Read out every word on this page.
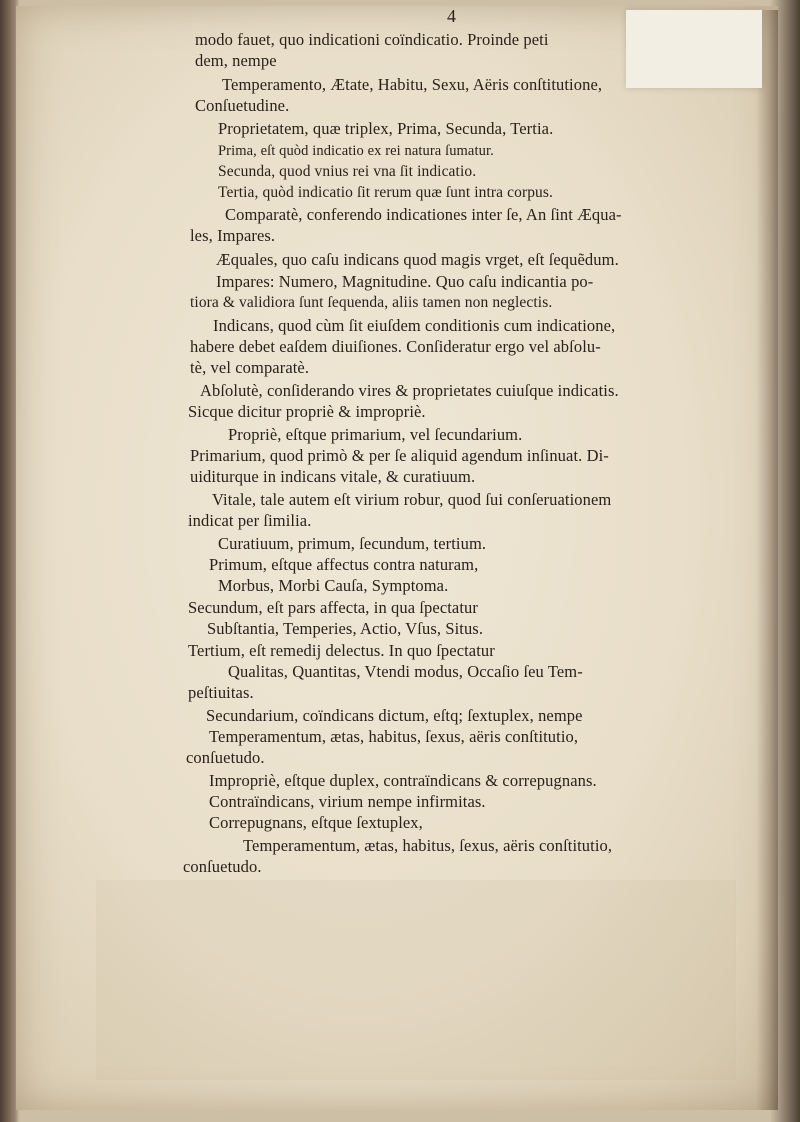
4
modo fauet, quo indicationi coïndicatio. Proinde peti
dem, nempe
Temperamento, Ætate, Habitu, Sexu, Aëris conſtitutione,
Conſuetudine.
Proprietatem, quæ triplex, Prima, Secunda, Tertia.
Prima, eſt quòd indicatio ex rei natura ſumatur.
Secunda, quod vnius rei vna ſit indicatio.
Tertia, quòd indicatio ſit rerum quæ ſunt intra corpus.
Comparatè, conferendo indicationes inter ſe, An ſint Æqua-
les, Impares.
Æquales, quo caſu indicans quod magis vrget, eſt ſequẽdum.
Impares: Numero, Magnitudine. Quo caſu indicantia po-
tiora & validiora ſunt ſequenda, aliis tamen non neglectis.
Indicans, quod cùm ſit eiuſdem conditionis cum indicatione,
habere debet eaſdem diuiſiones. Conſideratur ergo vel abſolu-
tè, vel comparatè.
Abſolutè, conſiderando vires & proprietates cuiuſque indicatis.
Sicque dicitur propriè & impropriè.
Propriè, eſtque primarium, vel ſecundarium.
Primarium, quod primò & per ſe aliquid agendum inſinuat. Di-
uiditurque in indicans vitale, & curatiuum.
Vitale, tale autem eſt virium robur, quod ſui conſeruationem
indicat per ſimilia.
Curatiuum, primum, ſecundum, tertium.
Primum, eſtque affectus contra naturam,
Morbus, Morbi Cauſa, Symptoma.
Secundum, eſt pars affecta, in qua ſpectatur
Subſtantia, Temperies, Actio, Vſus, Situs.
Tertium, eſt remedij delectus. In quo ſpectatur
Qualitas, Quantitas, Vtendi modus, Occaſio ſeu Tem-
peſtiuitas.
Secundarium, coïndicans dictum, eſtq; ſextuplex, nempe
Temperamentum, ætas, habitus, ſexus, aëris conſtitutio,
conſuetudo.
Impropriè, eſtque duplex, contraïndicans & correpugnans.
Contraïndicans, virium nempe infirmitas.
Correpugnans, eſtque ſextuplex,
Temperamentum, ætas, habitus, ſexus, aëris conſtitutio,
conſuetudo.
